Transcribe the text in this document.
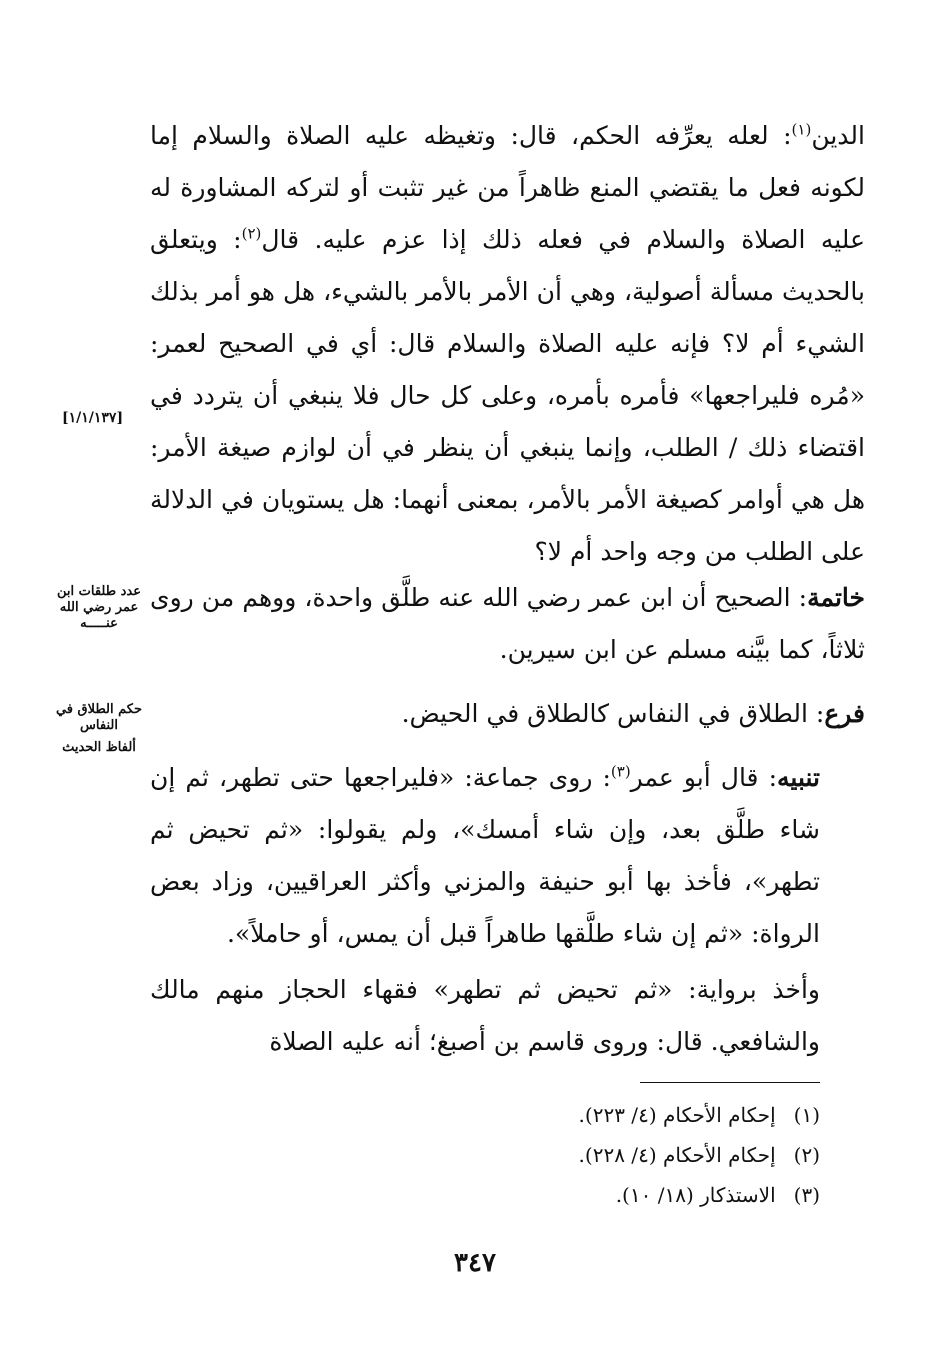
الدين$^{(١)}$: لعله يعرِّفه الحكم، قال: وتغيظه عليه الصلاة والسلام إما لكونه فعل ما يقتضي المنع ظاهراً من غير تثبت أو لتركه المشاورة له عليه الصلاة والسلام في فعله ذلك إذا عزم عليه. قال$^{(٢)}$: ويتعلق بالحديث مسألة أصولية، وهي أن الأمر بالأمر بالشيء، هل هو أمر بذلك الشيء أم لا؟ فإنه عليه الصلاة والسلام قال: أي في الصحيح لعمر: «مُره فليراجعها» فأمره بأمره، وعلى كل حال فلا ينبغي أن يتردد في اقتضاء ذلك / الطلب، وإنما ينبغي أن ينظر في أن لوازم صيغة الأمر: هل هي أوامر كصيغة الأمر بالأمر، بمعنى أنهما: هل يستويان في الدلالة على الطلب من وجه واحد أم لا؟

خاتمة: الصحيح أن ابن عمر رضي الله عنه طلَّق واحدة، ووهم من روى ثلاثاً، كما بيَّنه مسلم عن ابن سيرين.
فرع: الطلاق في النفاس كالطلاق في الحيض.
تنبيه: قال أبو عمر$^{(٣)}$: روى جماعة: «فليراجعها حتى تطهر، ثم إن شاء طلَّق بعد، وإن شاء أمسك»، ولم يقولوا: «ثم تحيض ثم تطهر»، فأخذ بها أبو حنيفة والمزني وأكثر العراقيين، وزاد بعض الرواة: «ثم إن شاء طلَّقها طاهراً قبل أن يمس، أو حاملاً».
وأخذ برواية: «ثم تحيض ثم تطهر» فقهاء الحجاز منهم مالك والشافعي. قال: وروى قاسم بن أصبغ؛ أنه عليه الصلاة
[١/١/١٣٧]
عدد طلقات ابن عمر رضي الله عنـــــه
حكم الطلاق في النفاس
ألفاظ الحديث

(١)إحكام الأحكام (٤/ ٢٢٣).

(٢)إحكام الأحكام (٤/ ٢٢٨).

(٣)الاستذكار (١٨/ ١٠).

٣٤٧
